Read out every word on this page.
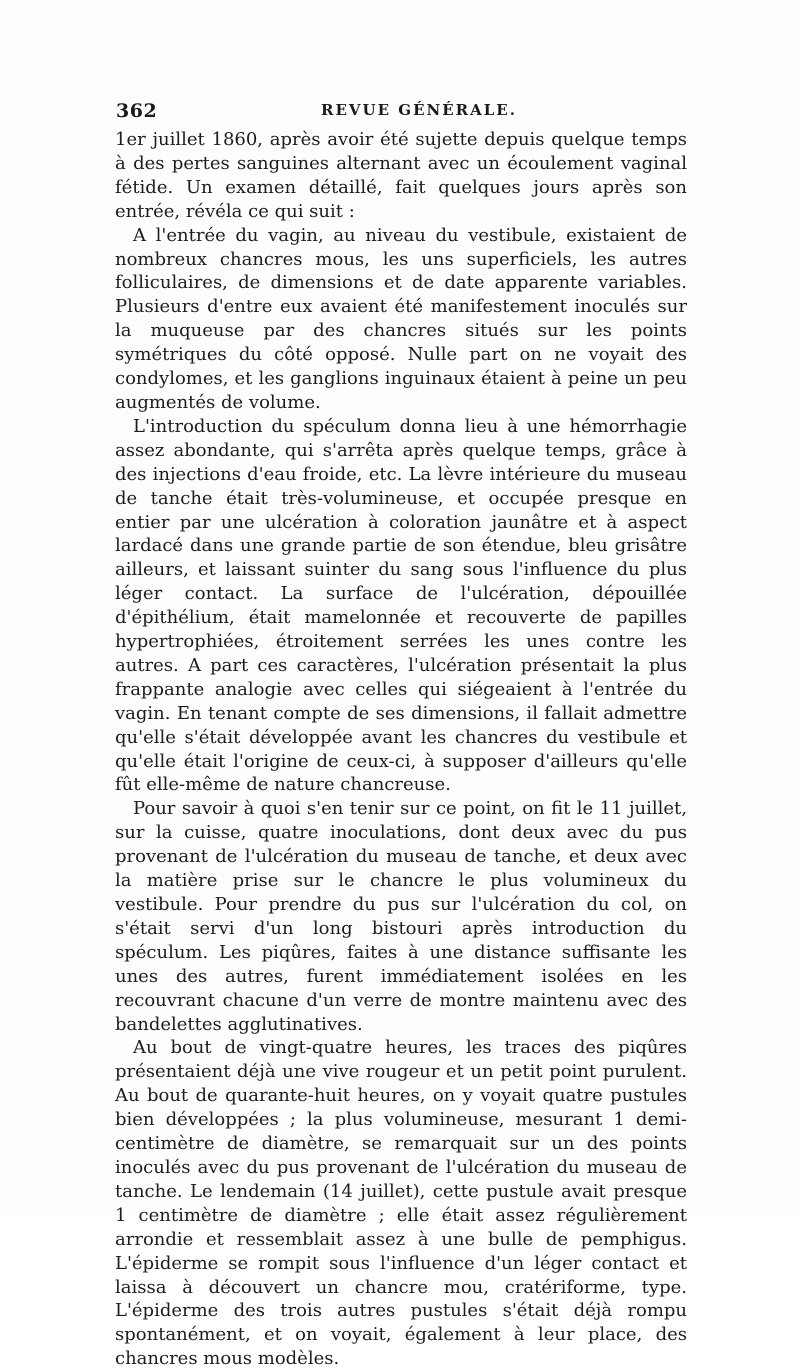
362	REVUE GÉNÉRALE.

1er juillet 1860, après avoir été sujette depuis quelque temps à des pertes sanguines alternant avec un écoulement vaginal fétide. Un examen détaillé, fait quelques jours après son entrée, révéla ce qui suit :

A l'entrée du vagin, au niveau du vestibule, existaient de nombreux chancres mous, les uns superficiels, les autres folliculaires, de dimensions et de date apparente variables. Plusieurs d'entre eux avaient été manifestement inoculés sur la muqueuse par des chancres situés sur les points symétriques du côté opposé. Nulle part on ne voyait des condylomes, et les ganglions inguinaux étaient à peine un peu augmentés de volume.

L'introduction du spéculum donna lieu à une hémorrhagie assez abondante, qui s'arrêta après quelque temps, grâce à des injections d'eau froide, etc. La lèvre intérieure du museau de tanche était très-volumineuse, et occupée presque en entier par une ulcération à coloration jaunâtre et à aspect lardacé dans une grande partie de son étendue, bleu grisâtre ailleurs, et laissant suinter du sang sous l'influence du plus léger contact. La surface de l'ulcération, dépouillée d'épithélium, était mamelonnée et recouverte de papilles hypertrophiées, étroitement serrées les unes contre les autres. A part ces caractères, l'ulcération présentait la plus frappante analogie avec celles qui siégeaient à l'entrée du vagin. En tenant compte de ses dimensions, il fallait admettre qu'elle s'était développée avant les chancres du vestibule et qu'elle était l'origine de ceux-ci, à supposer d'ailleurs qu'elle fût elle-même de nature chancreuse.

Pour savoir à quoi s'en tenir sur ce point, on fit le 11 juillet, sur la cuisse, quatre inoculations, dont deux avec du pus provenant de l'ulcération du museau de tanche, et deux avec la matière prise sur le chancre le plus volumineux du vestibule. Pour prendre du pus sur l'ulcération du col, on s'était servi d'un long bistouri après introduction du spéculum. Les piqûres, faites à une distance suffisante les unes des autres, furent immédiatement isolées en les recouvrant chacune d'un verre de montre maintenu avec des bandelettes agglutinatives.

Au bout de vingt-quatre heures, les traces des piqûres présentaient déjà une vive rougeur et un petit point purulent. Au bout de quarante-huit heures, on y voyait quatre pustules bien développées ; la plus volumineuse, mesurant 1 demi-centimètre de diamètre, se remarquait sur un des points inoculés avec du pus provenant de l'ulcération du museau de tanche. Le lendemain (14 juillet), cette pustule avait presque 1 centimètre de diamètre ; elle était assez régulièrement arrondie et ressemblait assez à une bulle de pemphigus. L'épiderme se rompit sous l'influence d'un léger contact et laissa à découvert un chancre mou, cratériforme, type. L'épiderme des trois autres pustules s'était déjà rompu spontanément, et on voyait, également à leur place, des chancres mous modèles.
